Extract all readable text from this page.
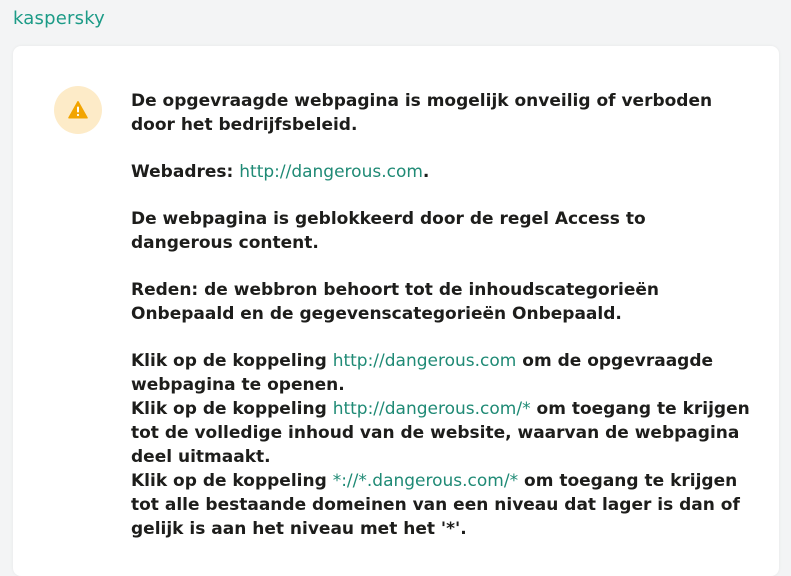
kaspersky

De opgevraagde webpagina is mogelijk onveilig of verboden door het bedrijfsbeleid.

Webadres: http://dangerous.com.

De webpagina is geblokkeerd door de regel Access to dangerous content.

Reden: de webbron behoort tot de inhoudscategorieën Onbepaald en de gegevenscategorieën Onbepaald.

Klik op de koppeling http://dangerous.com om de opgevraagde webpagina te openen.

Klik op de koppeling http://dangerous.com/* om toegang te krijgen tot de volledige inhoud van de website, waarvan de webpagina deel uitmaakt.

Klik op de koppeling *://*.dangerous.com/* om toegang te krijgen tot alle bestaande domeinen van een niveau dat lager is dan of gelijk is aan het niveau met het '*'.
